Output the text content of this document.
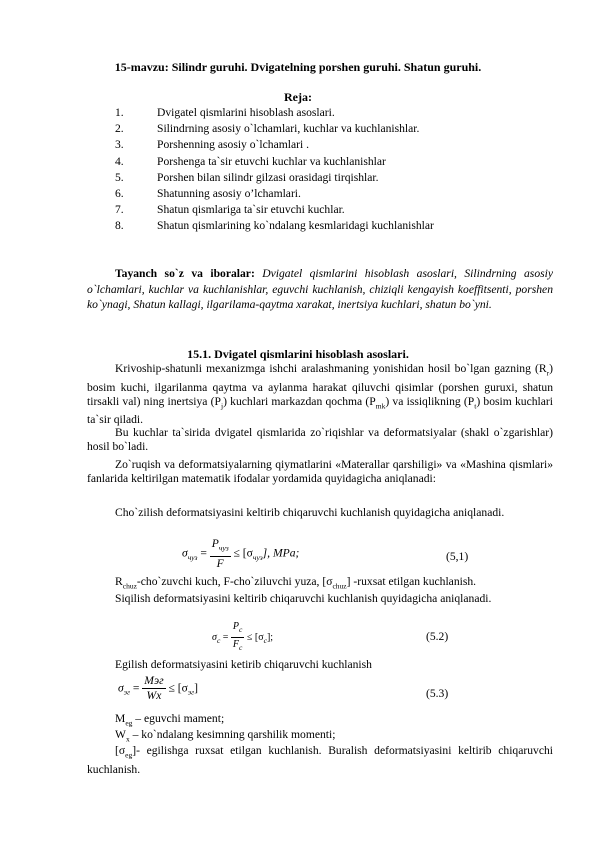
15-mavzu: Silindr guruhi. Dvigatelning porshen guruhi. Shatun guruhi.
Reja:
1.	Dvigatel qismlarini hisoblash asoslari.
2.	Silindrning asosiy o`lchamlari, kuchlar va kuchlanishlar.
3.	Porshenning asosiy o`lchamlari .
4.	Porshenga ta`sir etuvchi kuchlar va kuchlanishlar
5.	Porshen bilan silindr gilzasi orasidagi tirqishlar.
6.	Shatunning asosiy o’lchamlari.
7.	Shatun qismlariga ta`sir etuvchi kuchlar.
8.	Shatun qismlarining ko`ndalang kesmlaridagi kuchlanishlar
Tayanch so`z va iboralar: Dvigatel qismlarini hisoblash asoslari, Silindrning asosiy o`lchamlari, kuchlar va kuchlanishlar, eguvchi kuchlanish, chiziqli kengayish koeffitsenti, porshen ko`ynagi, Shatun kallagi, ilgarilama-qaytma xarakat, inertsiya kuchlari, shatun bo`yni.
15.1. Dvigatel qismlarini hisoblash asoslari.
Krivoship-shatunli mexanizmga ishchi aralashmaning yonishidan hosil bo`lgan gazning $(R_r)$ bosim kuchi, ilgarilanma qaytma va aylanma harakat qiluvchi qisimlar (porshen guruxi, shatun tirsakli val) ning inertsiya $(P_j)$ kuchlari markazdan qochma $(P_{mk})$ va issiqlikning $(P_t)$ bosim kuchlari ta`sir qiladi.
Bu kuchlar ta`sirida dvigatel qismlarida zo`riqishlar va deformatsiyalar (shakl o`zgarishlar) hosil bo`ladi.
Zo`ruqish va deformatsiyalarning qiymatlarini «Materallar qarshiligi» va «Mashina qismlari» fanlarida keltirilgan matematik ifodalar yordamida quyidagicha aniqlanadi:
Cho`zilish deformatsiyasini keltirib chiqaruvchi kuchlanish quyidagicha aniqlanadi.
$\sigma_{чуз} = \frac{P_{чуз}}{F} \le [\sigma_{чуз}]$, MPa;	(5,1)
$R_{chuz}-cho`zuvchi$ kuch, F-cho`ziluvchi yuza, $[\sigma_{chuz}]$ -ruxsat etilgan kuchlanish.
Siqilish deformatsiyasini keltirib chiqaruvchi kuchlanish quyidagicha aniqlanadi.
$\sigma_с = \frac{P_с}{F_с} \le [\sigma_с]$;	(5.2)
Egilish deformatsiyasini ketirib chiqaruvchi kuchlanish
$\sigma_{эг} = \frac{\text{Mэг}}{Wx} \le [\sigma_{эг}]$	(5.3)
$M_{eg}$ – eguvchi mament;
$W_x$ – ko`ndalang kesimning qarshilik momenti;
$[\sigma_{eg}]-$ egilishga ruxsat etilgan kuchlanish. Buralish deformatsiyasini keltirib chiqaruvchi kuchlanish.
